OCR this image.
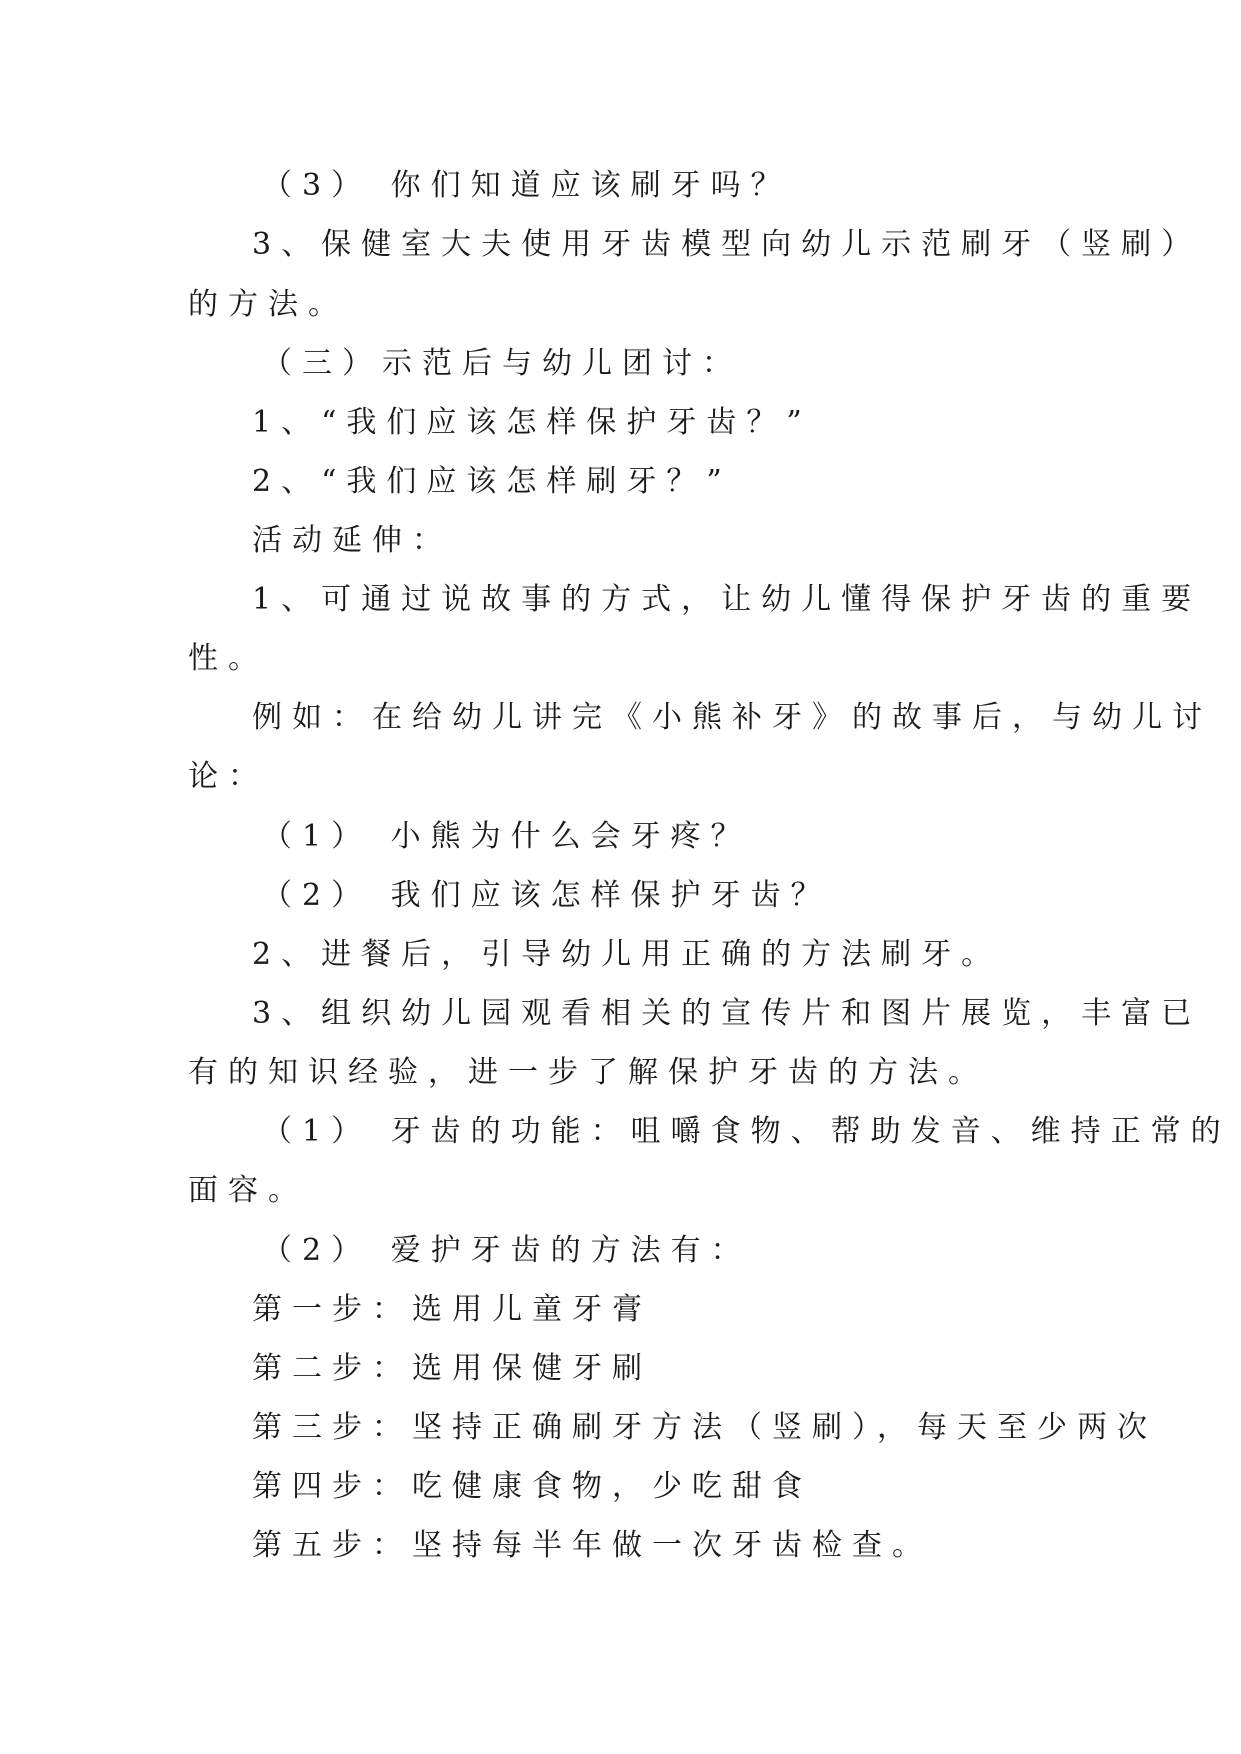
（3） 你们知道应该刷牙吗？
3、保健室大夫使用牙齿模型向幼儿示范刷牙（竖刷）
的方法。
（三）示范后与幼儿团讨：
1、“我们应该怎样保护牙齿？”
2、“我们应该怎样刷牙？”
活动延伸：
1、可通过说故事的方式，让幼儿懂得保护牙齿的重要
性。
例如：在给幼儿讲完《小熊补牙》的故事后，与幼儿讨
论：
（1） 小熊为什么会牙疼？
（2） 我们应该怎样保护牙齿？
2、进餐后，引导幼儿用正确的方法刷牙。
3、组织幼儿园观看相关的宣传片和图片展览，丰富已
有的知识经验，进一步了解保护牙齿的方法。
（1） 牙齿的功能：咀嚼食物、帮助发音、维持正常的
面容。
（2） 爱护牙齿的方法有：
第一步：选用儿童牙膏
第二步：选用保健牙刷
第三步：坚持正确刷牙方法（竖刷），每天至少两次
第四步：吃健康食物，少吃甜食
第五步：坚持每半年做一次牙齿检查。
